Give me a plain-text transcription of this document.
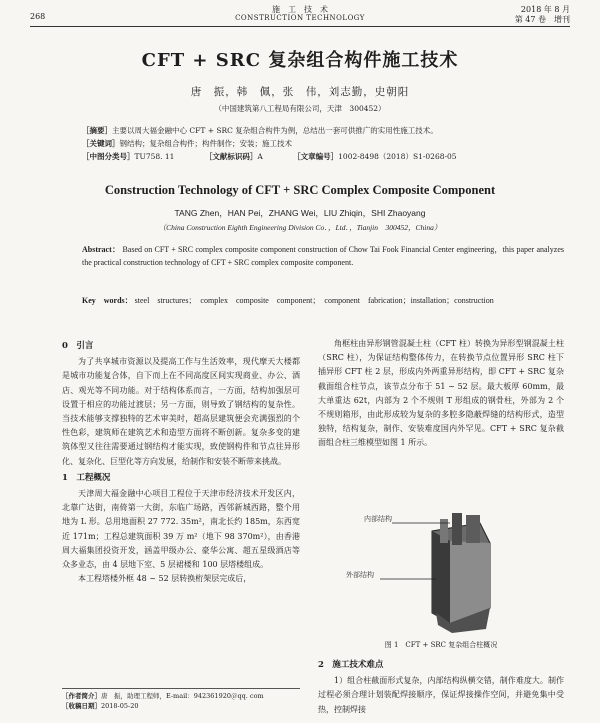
268
施　工　技　术
CONSTRUCTION TECHNOLOGY
2018 年 8 月
第 47 卷　增刊
CFT + SRC 复杂组合构件施工技术
唐　振，韩　佩，张　伟，刘志勤，史朝阳
（中国建筑第八工程局有限公司，天津　300452）
［摘要］主要以周大福金融中心 CFT + SRC 复杂组合构件为例，总结出一套可供推广的实用性施工技术。
［关键词］钢结构；复杂组合构件；构件制作；安装；施工技术
［中图分类号］TU758. 11	［文献标识码］A	［文章编号］1002-8498（2018）S1-0268-05
Construction Technology of CFT + SRC Complex Composite Component
TANG Zhen，HAN Pei，ZHANG Wei，LIU Zhiqin，SHI Zhaoyang
（China Construction Eighth Engineering Division Co．，Ltd．，Tianjin　300452，China）
Abstract： Based on CFT + SRC complex composite component construction of Chow Tai Fook Financial Center engineering，this paper analyzes the practical construction technology of CFT + SRC complex composite component.
Key　words： steel　structures；　complex　composite　component；　component　fabrication；installation；construction
0　引言

为了共享城市资源以及提高工作与生活效率，现代摩天大楼都是城市功能复合体，自下而上在不同高度区间实现商业、办公、酒店、观光等不同功能。对于结构体系而言，一方面，结构加强层可设置于相应的功能过渡层；另一方面，则导致了钢结构的复杂性。当技术能够支撑独特的艺术审美时，超高层建筑便会充满强烈的个性色彩，建筑师在建筑艺术和造型方面将不断创新。复杂多变的建筑体型又往往需要通过钢结构才能实现，致使钢构件和节点往异形化、复杂化、巨型化等方向发展，给制作和安装不断带来挑战。

1　工程概况

天津周大福金融中心项目工程位于天津市经济技术开发区内，北靠广达街，南倚第一大街，东临广场路，西邻新城西路，整个用地为 L 形。总用地面积 27 772. 35m²，南北长约 185m，东西宽近 171m；工程总建筑面积 39 万 m²（地下 98 370m²），由香港周大福集团投资开发，涵盖甲级办公、豪华公寓、超五星级酒店等众多业态，由 4 层地下室、5 层裙楼和 100 层塔楼组成。

本工程塔楼外框 48 ~ 52 层转换桁架层完成后，

角框柱由异形钢管混凝土柱（CFT 柱）转换为异形型钢混凝土柱（SRC 柱），为保证结构整体传力，在转换节点位置异形 SRC 柱下插异形 CFT 柱 2 层，形成内外两重异形结构，即 CFT + SRC 复杂截面组合柱节点，该节点分布于 51 ~ 52 层。最大板厚 60mm，最大单重达 62t，内部为 2 个不规则 T 形组成的钢骨柱，外部为 2 个不规则箱形，由此形成较为复杂的多腔多隐蔽焊缝的结构形式，造型独特，结构复杂，制作、安装难度国内外罕见。CFT + SRC 复杂截面组合柱三维模型如图 1 所示。

内部结构
外部结构
图 1　CFT + SRC 复杂组合柱概况
2　施工技术难点

1）组合柱截面形式复杂，内部结构纵横交错，制作难度大。制作过程必须合理计划装配焊接顺序，保证焊接操作空间，并避免集中受热，控制焊接

［作者简介］唐　振，助理工程师，E-mail：942361920＠qq. com
［收稿日期］2018-05-20
